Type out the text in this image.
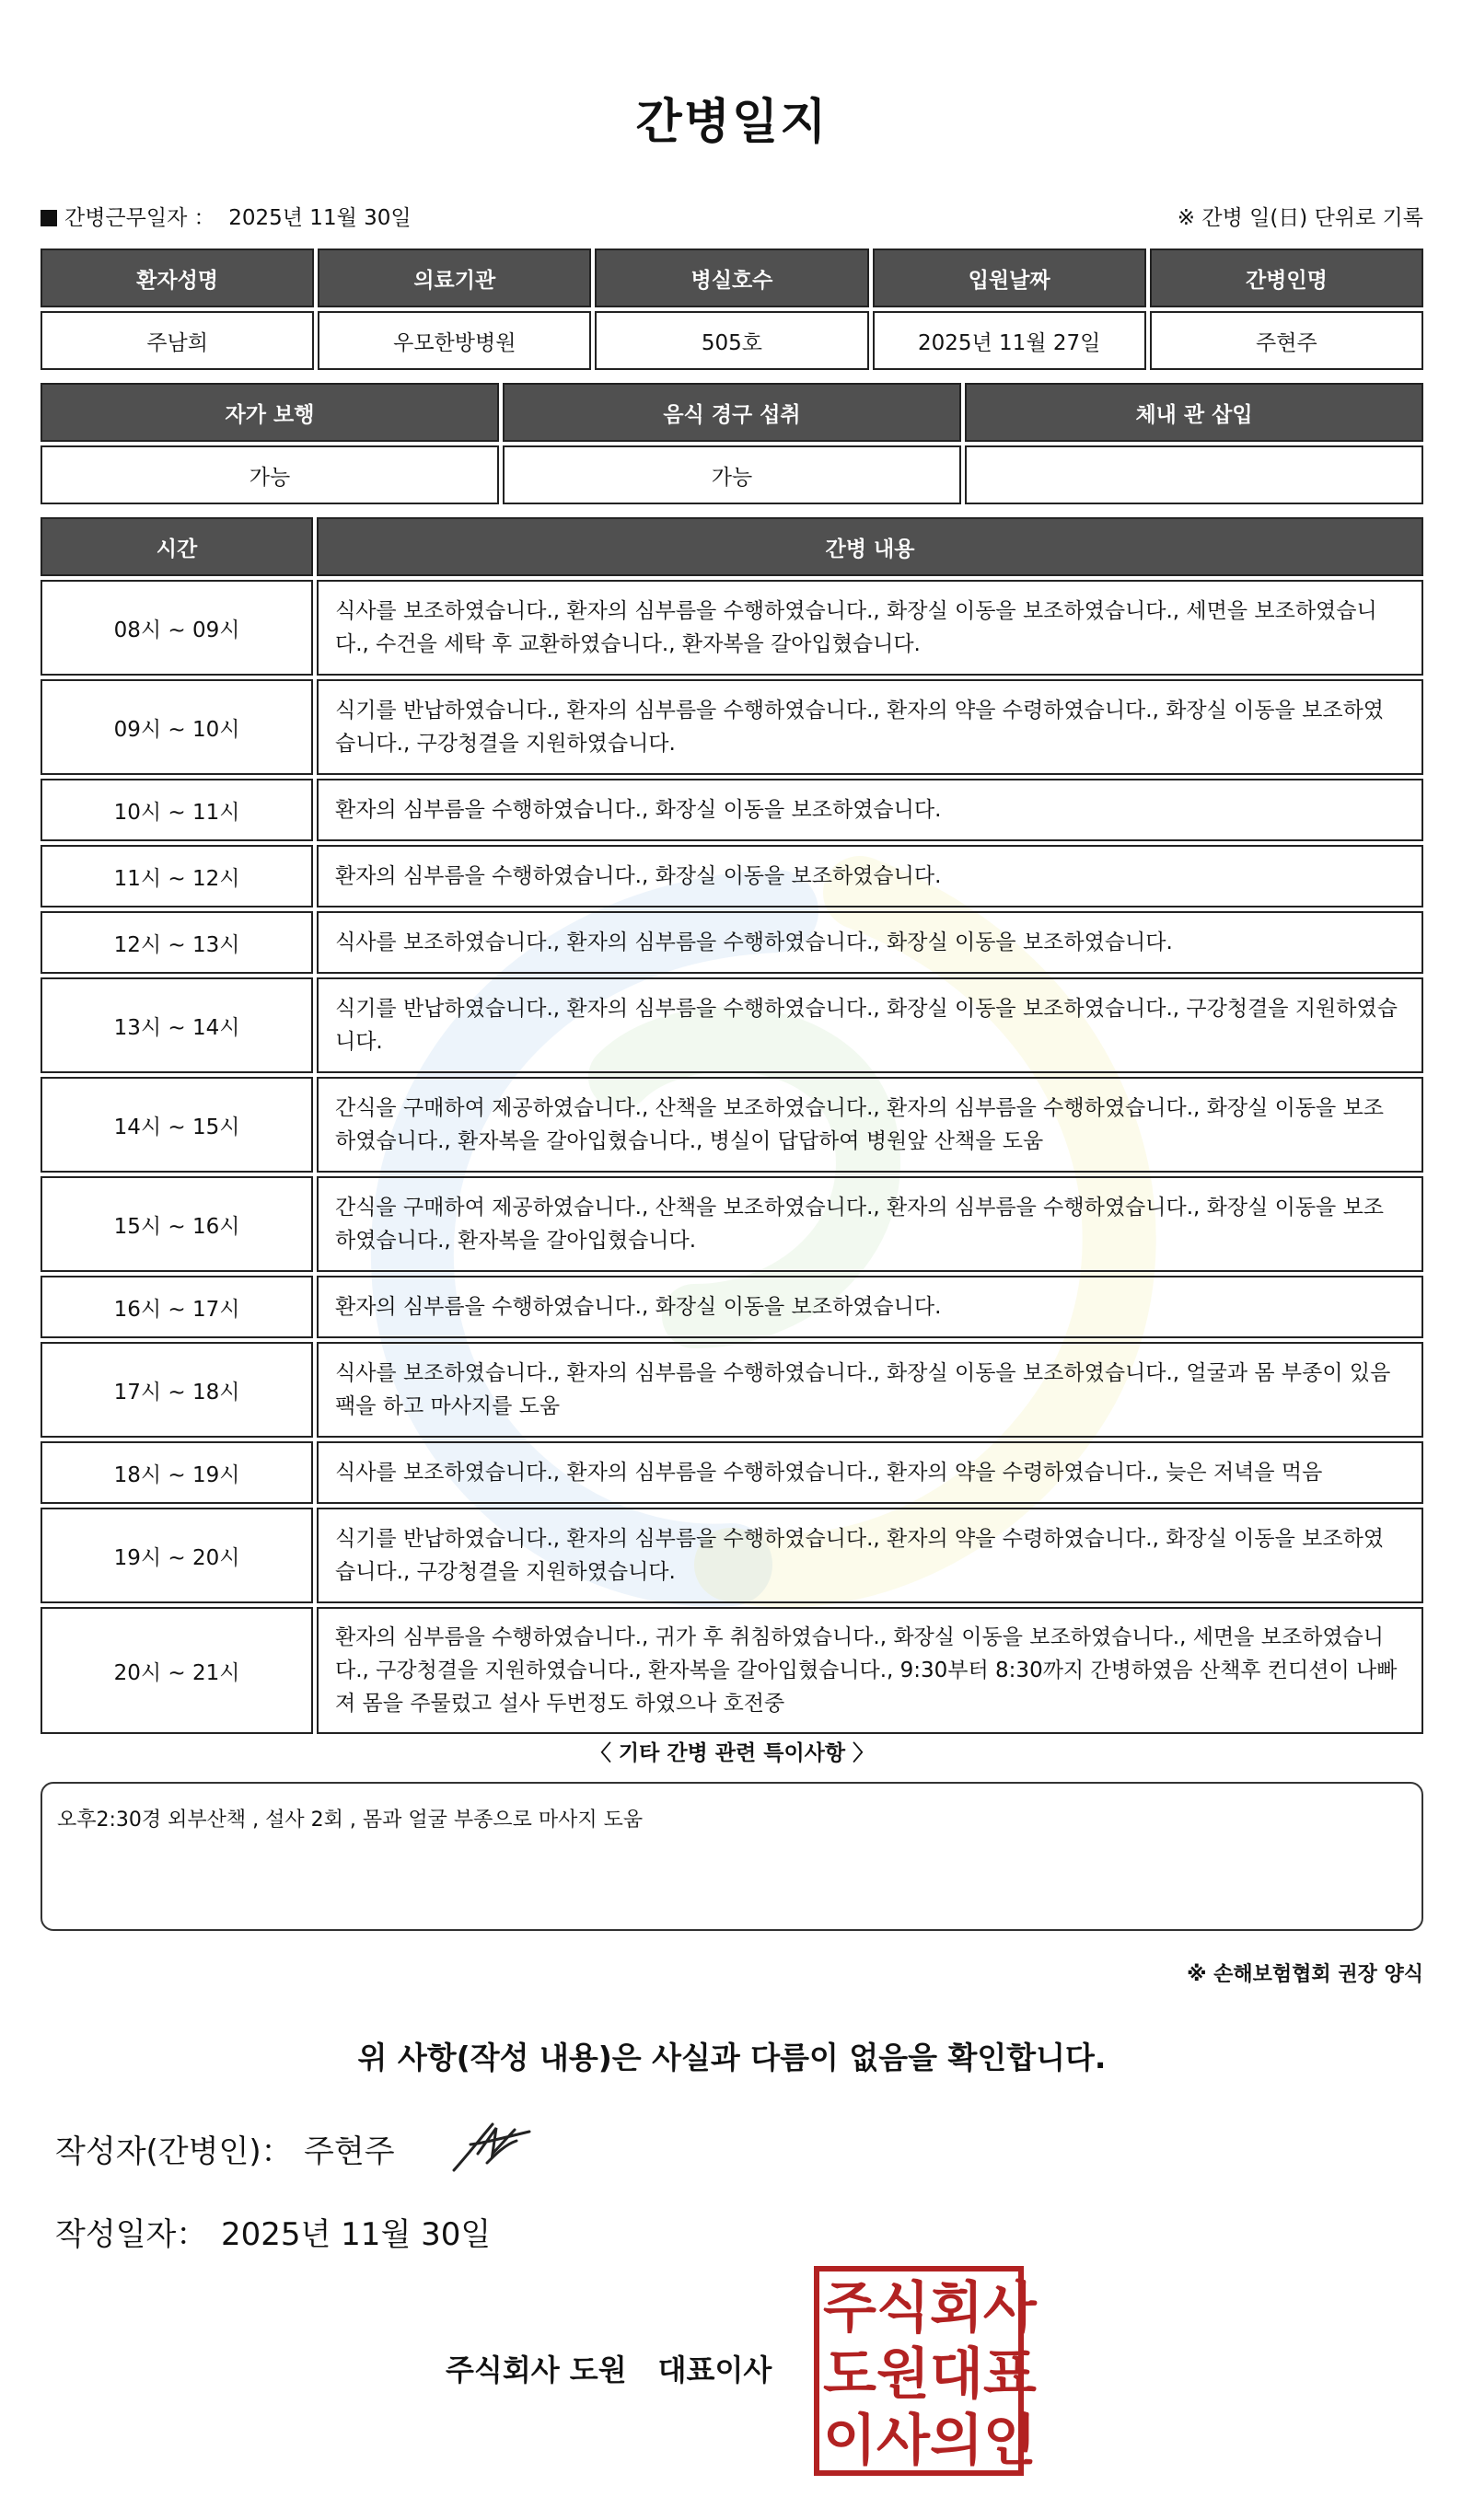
간병일지
간병근무일자 ： 2025년 11월 30일	※ 간병 일(日) 단위로 기록
환자성명	의료기관	병실호수	입원날짜	간병인명
주남희	우모한방병원	505호	2025년 11월 27일	주현주
자가 보행	음식 경구 섭취	체내 관 삽입
가능	가능	
시간	간병 내용
08시 ~ 09시	식사를 보조하였습니다., 환자의 심부름을 수행하였습니다., 화장실 이동을 보조하였습니다., 세면을 보조하였습니다., 수건을 세탁 후 교환하였습니다., 환자복을 갈아입혔습니다.
09시 ~ 10시	식기를 반납하였습니다., 환자의 심부름을 수행하였습니다., 환자의 약을 수령하였습니다., 화장실 이동을 보조하였습니다., 구강청결을 지원하였습니다.
10시 ~ 11시	환자의 심부름을 수행하였습니다., 화장실 이동을 보조하였습니다.
11시 ~ 12시	환자의 심부름을 수행하였습니다., 화장실 이동을 보조하였습니다.
12시 ~ 13시	식사를 보조하였습니다., 환자의 심부름을 수행하였습니다., 화장실 이동을 보조하였습니다.
13시 ~ 14시	식기를 반납하였습니다., 환자의 심부름을 수행하였습니다., 화장실 이동을 보조하였습니다., 구강청결을 지원하였습니다.
14시 ~ 15시	간식을 구매하여 제공하였습니다., 산책을 보조하였습니다., 환자의 심부름을 수행하였습니다., 화장실 이동을 보조하였습니다., 환자복을 갈아입혔습니다., 병실이 답답하여 병원앞 산책을 도움
15시 ~ 16시	간식을 구매하여 제공하였습니다., 산책을 보조하였습니다., 환자의 심부름을 수행하였습니다., 화장실 이동을 보조하였습니다., 환자복을 갈아입혔습니다.
16시 ~ 17시	환자의 심부름을 수행하였습니다., 화장실 이동을 보조하였습니다.
17시 ~ 18시	식사를 보조하였습니다., 환자의 심부름을 수행하였습니다., 화장실 이동을 보조하였습니다., 얼굴과 몸 부종이 있음 팩을 하고 마사지를 도움
18시 ~ 19시	식사를 보조하였습니다., 환자의 심부름을 수행하였습니다., 환자의 약을 수령하였습니다., 늦은 저녁을 먹음
19시 ~ 20시	식기를 반납하였습니다., 환자의 심부름을 수행하였습니다., 환자의 약을 수령하였습니다., 화장실 이동을 보조하였습니다., 구강청결을 지원하였습니다.
20시 ~ 21시	환자의 심부름을 수행하였습니다., 귀가 후 취침하였습니다., 화장실 이동을 보조하였습니다., 세면을 보조하였습니다., 구강청결을 지원하였습니다., 환자복을 갈아입혔습니다., 9:30부터 8:30까지 간병하였음 산책후 컨디션이 나빠져 몸을 주물렀고 설사 두번정도 하였으나 호전중
〈 기타 간병 관련 특이사항 〉
오후2:30경 외부산책 , 설사 2회 , 몸과 얼굴 부종으로 마사지 도움
※ 손해보험협회 권장 양식
위 사항(작성 내용)은 사실과 다름이 없음을 확인합니다.
작성자(간병인)： 주현주
작성일자： 2025년 11월 30일
주식회사 도원 대표이사
주 식 회 사
도 원 대 표
이 사 의 인
